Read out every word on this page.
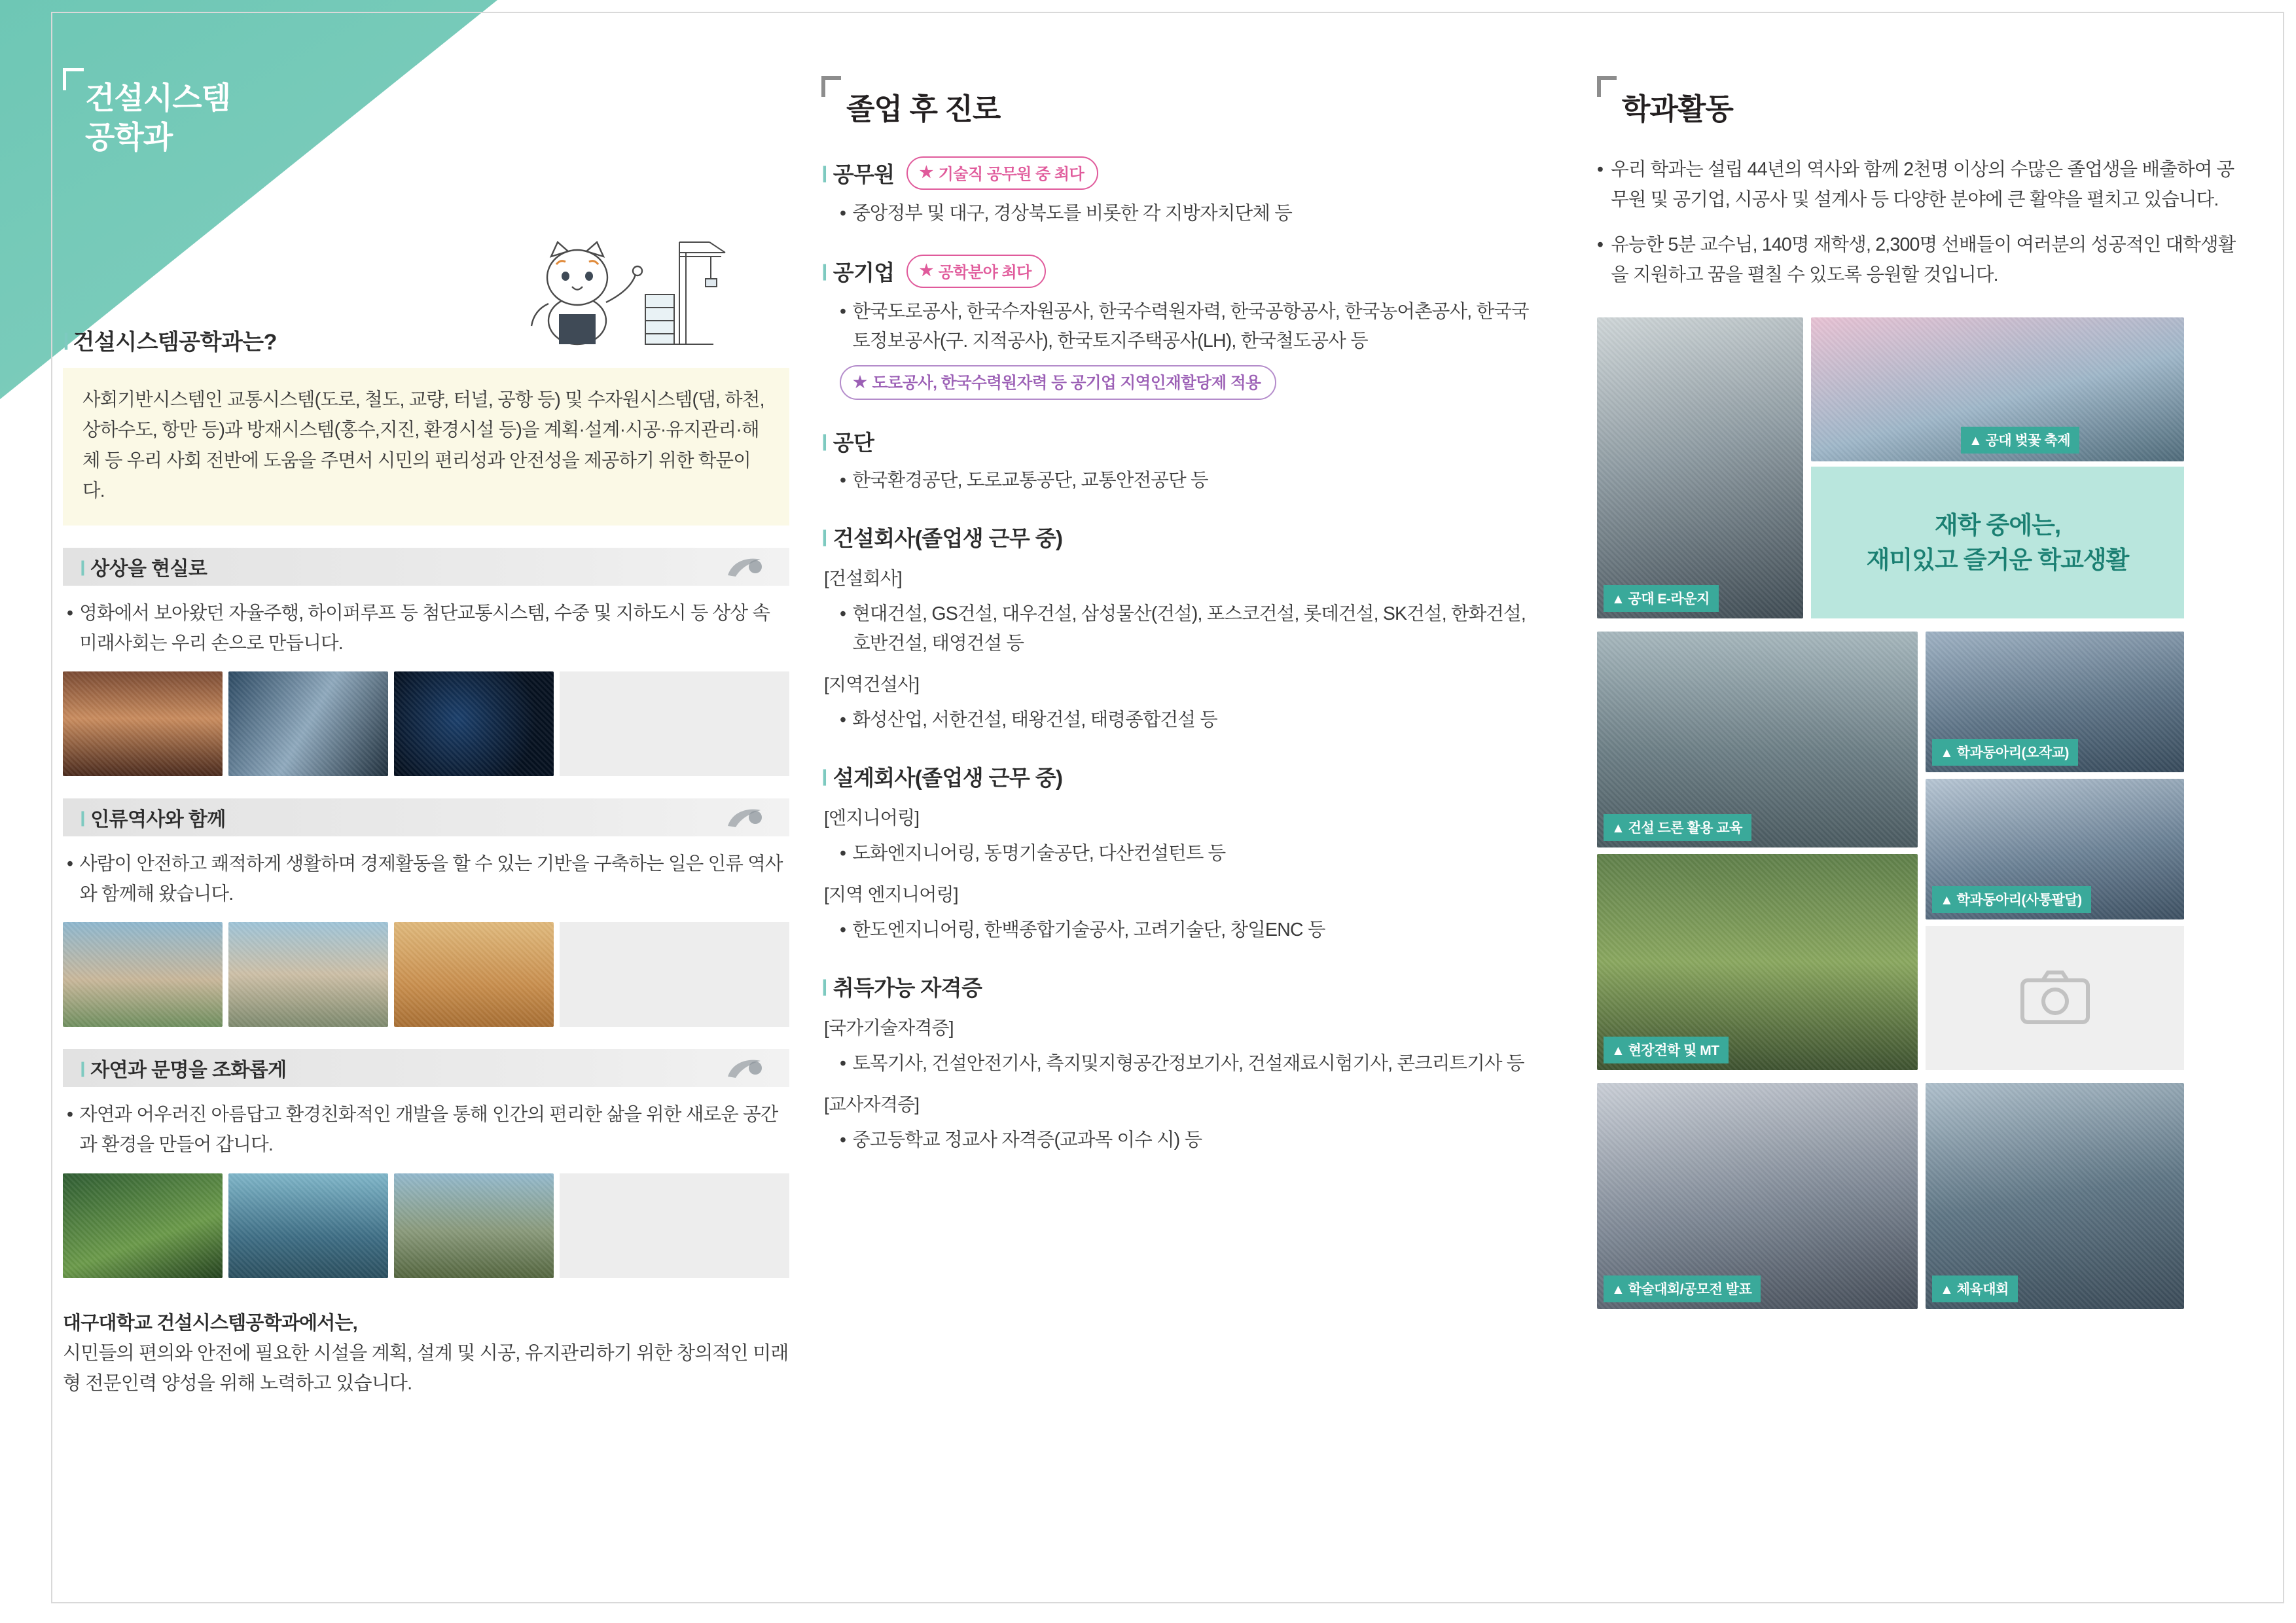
건설시스템
공학과
Ⅰ 건설시스템공학과는?
사회기반시스템인 교통시스템(도로, 철도, 교량, 터널, 공항 등) 및 수자원시스템(댐, 하천, 상하수도, 항만 등)과 방재시스템(홍수,지진, 환경시설 등)을 계획·설계·시공·유지관리·해체 등 우리 사회 전반에 도움을 주면서 시민의 편리성과 안전성을 제공하기 위한 학문이다.
Ⅰ 상상을 현실로
• 영화에서 보아왔던 자율주행, 하이퍼루프 등 첨단교통시스템, 수중 및 지하도시 등 상상 속 미래사회는 우리 손으로 만듭니다.
Ⅰ 인류역사와 함께
• 사람이 안전하고 쾌적하게 생활하며 경제활동을 할 수 있는 기반을 구축하는 일은 인류 역사와 함께해 왔습니다.
Ⅰ 자연과 문명을 조화롭게
• 자연과 어우러진 아름답고 환경친화적인 개발을 통해 인간의 편리한 삶을 위한 새로운 공간과 환경을 만들어 갑니다.
대구대학교 건설시스템공학과에서는,
시민들의 편의와 안전에 필요한 시설을 계획, 설계 및 시공, 유지관리하기 위한 창의적인 미래형 전문인력 양성을 위해 노력하고 있습니다.
졸업 후 진로
Ⅰ 공무원 ★ 기술직 공무원 중 최다
• 중앙정부 및 대구, 경상북도를 비롯한 각 지방자치단체 등
Ⅰ 공기업 ★ 공학분야 최다
• 한국도로공사, 한국수자원공사, 한국수력원자력, 한국공항공사, 한국농어촌공사, 한국국토정보공사(구. 지적공사), 한국토지주택공사(LH), 한국철도공사 등
★ 도로공사, 한국수력원자력 등 공기업 지역인재할당제 적용
Ⅰ 공단
• 한국환경공단, 도로교통공단, 교통안전공단 등
Ⅰ 건설회사(졸업생 근무 중)
[건설회사]
• 현대건설, GS건설, 대우건설, 삼성물산(건설), 포스코건설, 롯데건설, SK건설, 한화건설, 호반건설, 태영건설 등
[지역건설사]
• 화성산업, 서한건설, 태왕건설, 태령종합건설 등
Ⅰ 설계회사(졸업생 근무 중)
[엔지니어링]
• 도화엔지니어링, 동명기술공단, 다산컨설턴트 등
[지역 엔지니어링]
• 한도엔지니어링, 한백종합기술공사, 고려기술단, 창일ENC 등
Ⅰ 취득가능 자격증
[국가기술자격증]
• 토목기사, 건설안전기사, 측지및지형공간정보기사, 건설재료시험기사, 콘크리트기사 등
[교사자격증]
• 중고등학교 정교사 자격증(교과목 이수 시) 등
학과활동
• 우리 학과는 설립 44년의 역사와 함께 2천명 이상의 수많은 졸업생을 배출하여 공무원 및 공기업, 시공사 및 설계사 등 다양한 분야에 큰 활약을 펼치고 있습니다.
• 유능한 5분 교수님, 140명 재학생, 2,300명 선배들이 여러분의 성공적인 대학생활을 지원하고 꿈을 펼칠 수 있도록 응원할 것입니다.
▲ 공대 E-라운지
▲ 공대 벚꽃 축제
재학 중에는,
재미있고 즐거운 학교생활
▲ 건설 드론 활용 교육
▲ 학과동아리(오작교)
▲ 학과동아리(사통팔달)
▲ 현장견학 및 MT
▲ 학술대회/공모전 발표	▲ 체육대회
